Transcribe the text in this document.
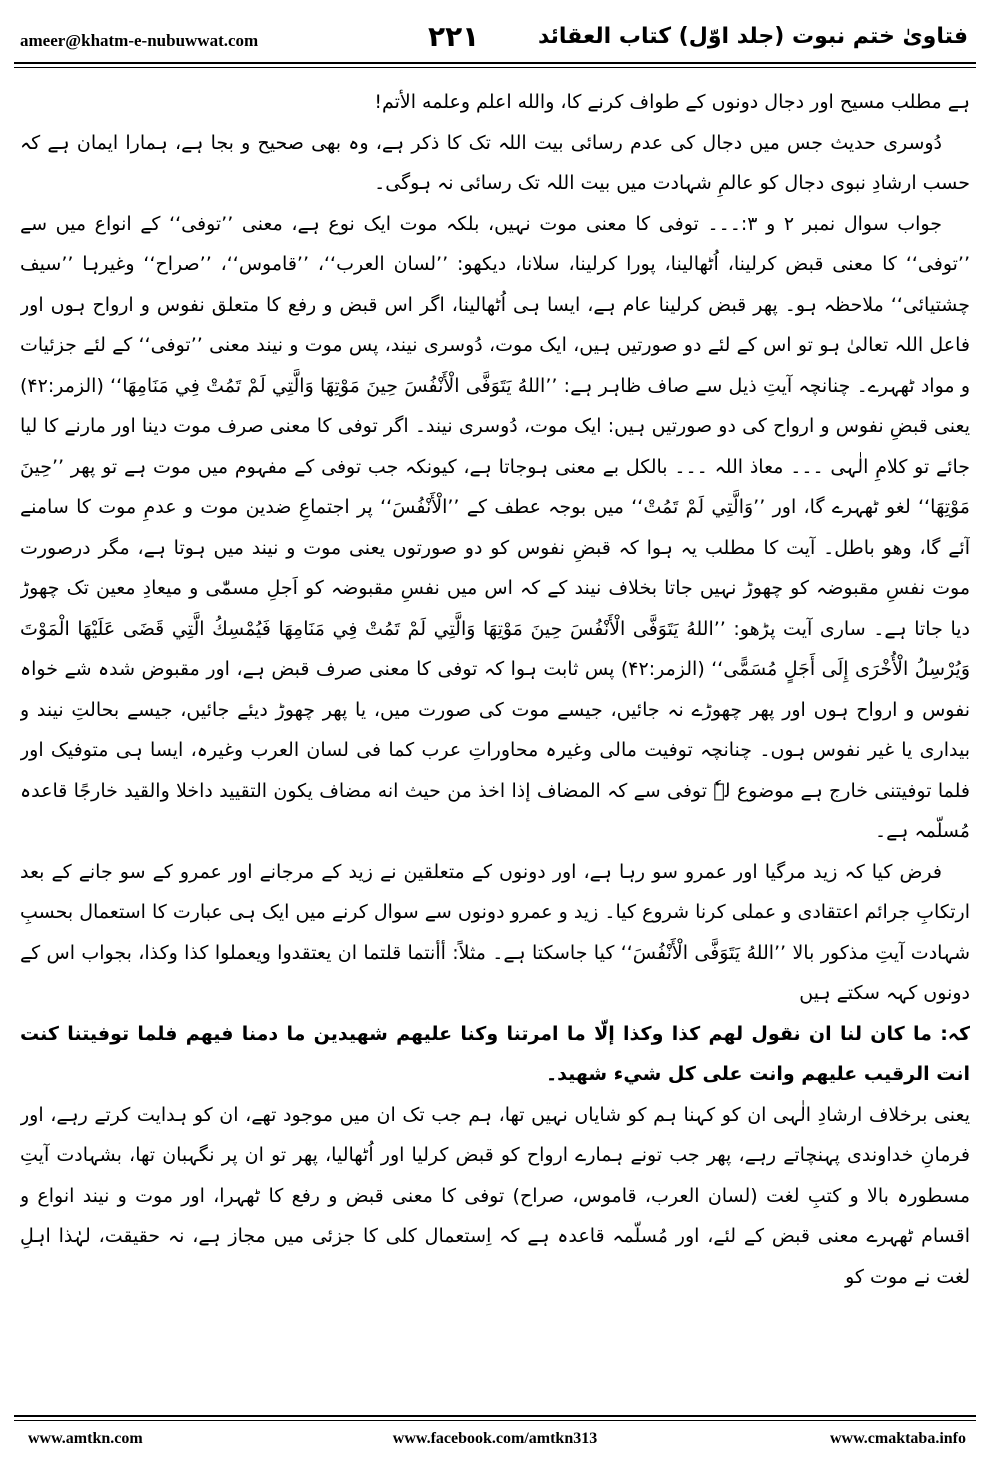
ameer@khatm-e-nubuwwat.com	۲۲۱	فتاویٰ ختم نبوت (جلد اوّل) کتاب العقائد

ہے مطلب مسیح اور دجال دونوں کے طواف کرنے کا، والله اعلم وعلمه الأتم!

دُوسری حدیث جس میں دجال کی عدم رسائی بیت اللہ تک کا ذکر ہے، وہ بھی صحیح و بجا ہے، ہمارا ایمان ہے کہ حسب ارشادِ نبوی دجال کو عالمِ شہادت میں بیت اللہ تک رسائی نہ ہوگی۔

جواب سوال نمبر ۲ و ۳:۔۔۔ توفی کا معنی موت نہیں، بلکہ موت ایک نوع ہے، معنی ’’توفی‘‘ کے انواع میں سے ’’توفی‘‘ کا معنی قبض کرلینا، اُٹھالینا، پورا کرلینا، سلانا، دیکھو: ’’لسان العرب‘‘، ’’قاموس‘‘، ’’صراح‘‘ وغیرہا ’’سیف چشتیائی‘‘ ملاحظہ ہو۔ پھر قبض کرلینا عام ہے، ایسا ہی اُٹھالینا، اگر اس قبض و رفع کا متعلق نفوس و ارواح ہوں اور فاعل اللہ تعالیٰ ہو تو اس کے لئے دو صورتیں ہیں، ایک موت، دُوسری نیند، پس موت و نیند معنی ’’توفی‘‘ کے لئے جزئیات و مواد ٹھہرے۔ چنانچہ آیتِ ذیل سے صاف ظاہر ہے: ’’اللهُ يَتَوَفَّى الْأَنْفُسَ حِينَ مَوْتِهَا وَالَّتِي لَمْ تَمُتْ فِي مَنَامِهَا‘‘ (الزمر:۴۲) یعنی قبضِ نفوس و ارواح کی دو صورتیں ہیں: ایک موت، دُوسری نیند۔ اگر توفی کا معنی صرف موت دینا اور مارنے کا لیا جائے تو کلامِ الٰہی ۔۔۔ معاذ اللہ ۔۔۔ بالکل بے معنی ہوجاتا ہے، کیونکہ جب توفی کے مفہوم میں موت ہے تو پھر ’’حِينَ مَوْتِهَا‘‘ لغو ٹھہرے گا، اور ’’وَالَّتِي لَمْ تَمُتْ‘‘ میں بوجہ عطف کے ’’الْأَنْفُسَ‘‘ پر اجتماعِ ضدین موت و عدمِ موت کا سامنے آئے گا، وهو باطل۔ آیت کا مطلب یہ ہوا کہ قبضِ نفوس کو دو صورتوں یعنی موت و نیند میں ہوتا ہے، مگر درصورت موت نفسِ مقبوضہ کو چھوڑ نہیں جاتا بخلاف نیند کے کہ اس میں نفسِ مقبوضہ کو اَجلِ مسمّٰی و میعادِ معین تک چھوڑ دیا جاتا ہے۔ ساری آیت پڑھو: ’’اللهُ يَتَوَفَّى الْأَنْفُسَ حِينَ مَوْتِهَا وَالَّتِي لَمْ تَمُتْ فِي مَنَامِهَا فَيُمْسِكُ الَّتِي قَضَى عَلَيْهَا الْمَوْتَ وَيُرْسِلُ الْأُخْرَى إِلَى أَجَلٍ مُسَمًّى‘‘ (الزمر:۴۲) پس ثابت ہوا کہ توفی کا معنی صرف قبض ہے، اور مقبوض شدہ شے خواہ نفوس و ارواح ہوں اور پھر چھوڑے نہ جائیں، جیسے موت کی صورت میں، یا پھر چھوڑ دیئے جائیں، جیسے بحالتِ نیند و بیداری یا غیر نفوس ہوں۔ چنانچہ توفیت مالی وغیرہ محاوراتِ عرب کما فی لسان العرب وغیرہ، ایسا ہی متوفیک اور فلما توفیتنی خارج ہے موضوع لہٗ توفی سے کہ المضاف إذا اخذ من حيث انه مضاف يكون التقييد داخلا والقيد خارجًا قاعدہ مُسلّمہ ہے۔

فرض کیا کہ زید مرگیا اور عمرو سو رہا ہے، اور دونوں کے متعلقین نے زید کے مرجانے اور عمرو کے سو جانے کے بعد ارتکابِ جرائم اعتقادی و عملی کرنا شروع کیا۔ زید و عمرو دونوں سے سوال کرنے میں ایک ہی عبارت کا استعمال بحسبِ شہادت آیتِ مذکور بالا ’’اللهُ يَتَوَفَّى الْأَنْفُسَ‘‘ کیا جاسکتا ہے۔ مثلاً: أأنتما قلتما ان يعتقدوا ويعملوا كذا وكذا، بجواب اس کے دونوں کہہ سکتے ہیں

کہ: ما كان لنا ان نقول لهم كذا وكذا إلّا ما امرتنا وكنا عليهم شهيدين ما دمنا فيهم فلما توفيتنا كنت انت الرقيب عليهم وانت على كل شيء شهيد۔

یعنی برخلاف ارشادِ الٰہی ان کو کہنا ہم کو شایاں نہیں تھا، ہم جب تک ان میں موجود تھے، ان کو ہدایت کرتے رہے، اور فرمانِ خداوندی پہنچاتے رہے، پھر جب تونے ہمارے ارواح کو قبض کرلیا اور اُٹھالیا، پھر تو ان پر نگہبان تھا، بشہادت آیتِ مسطورہ بالا و کتبِ لغت (لسان العرب، قاموس، صراح) توفی کا معنی قبض و رفع کا ٹھہرا، اور موت و نیند انواع و اقسام ٹھہرے معنی قبض کے لئے، اور مُسلّمہ قاعدہ ہے کہ اِستعمال کلی کا جزئی میں مجاز ہے، نہ حقیقت، لہٰذا اہلِ لغت نے موت کو

www.amtkn.com	www.facebook.com/amtkn313	www.cmaktaba.info
